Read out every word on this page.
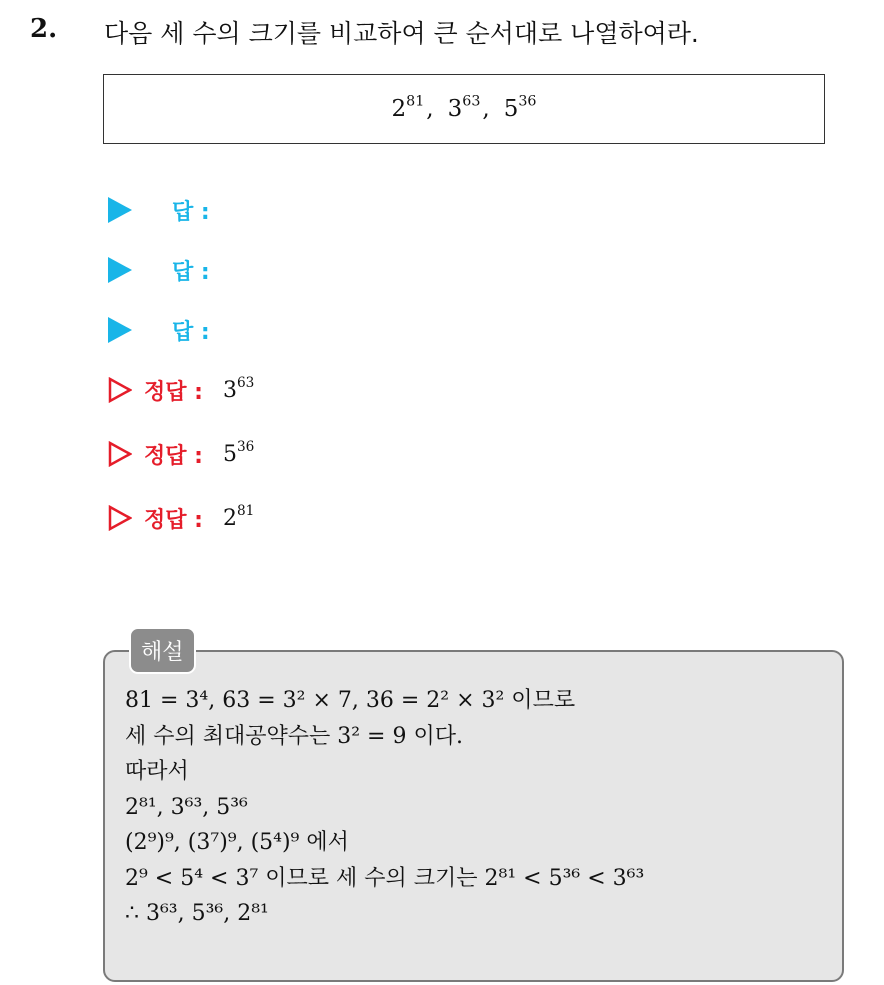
2. 다음 세 수의 크기를 비교하여 큰 순서대로 나열하여라.
$2^{81}$ , $3^{63}$ , $5^{36}$
답 :
답 :
답 :
정답 : $3^{63}$
정답 : $5^{36}$
정답 : $2^{81}$
해설
81 = 3⁴, 63 = 3² × 7, 36 = 2² × 3² 이므로
세 수의 최대공약수는 3² = 9 이다.
따라서
2⁸¹, 3⁶³, 5³⁶
(2⁹)⁹, (3⁷)⁹, (5⁴)⁹ 에서
2⁹ < 5⁴ < 3⁷ 이므로 세 수의 크기는 2⁸¹ < 5³⁶ < 3⁶³
∴ 3⁶³, 5³⁶, 2⁸¹
